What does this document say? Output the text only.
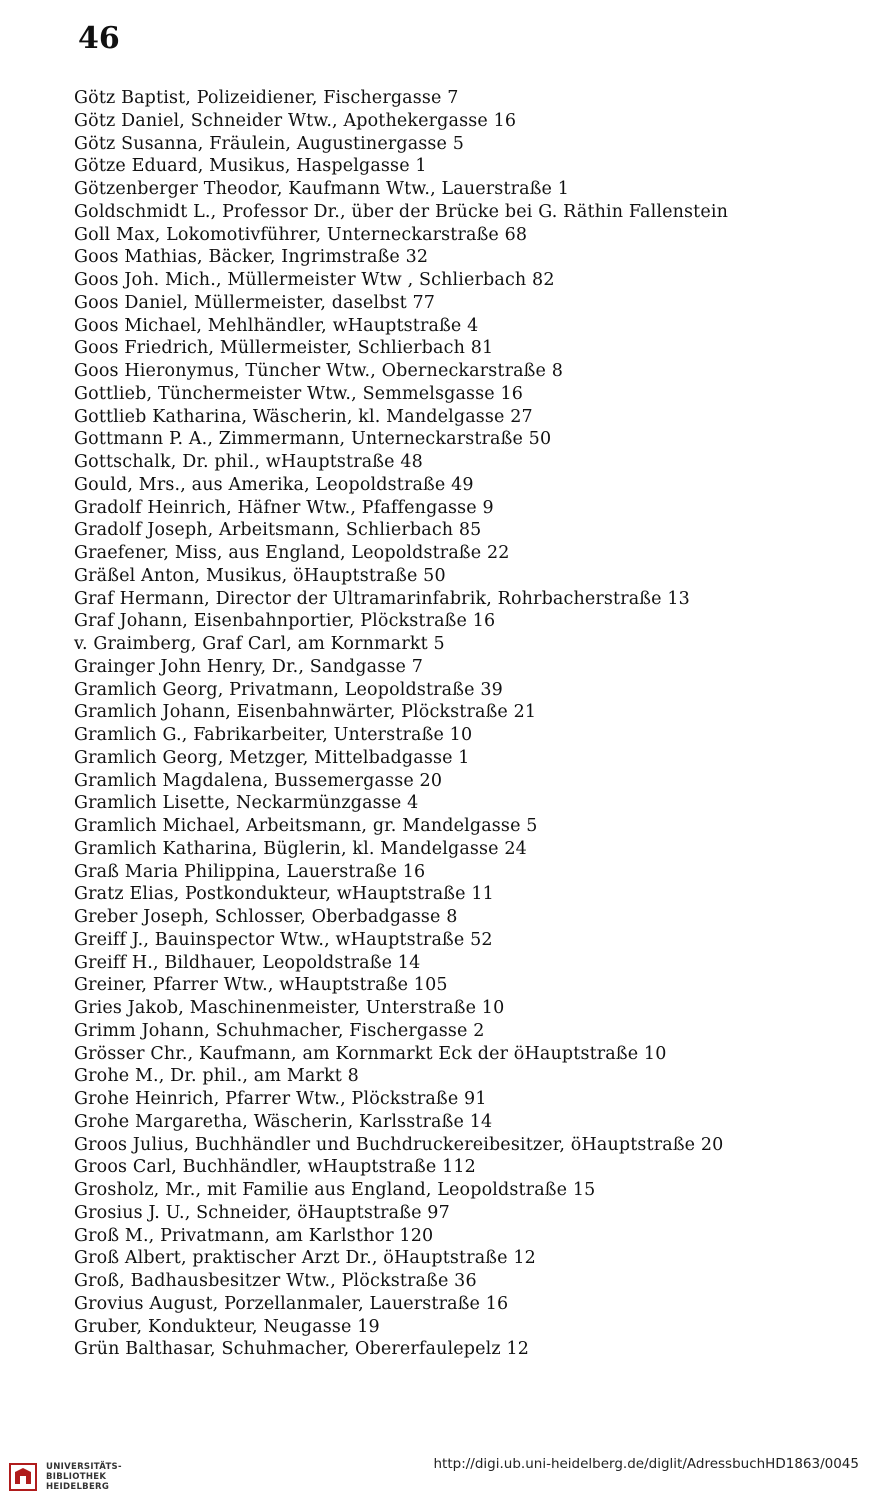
46
Götz Baptist, Polizeidiener, Fischergasse 7
Götz Daniel, Schneider Wtw., Apothekergasse 16
Götz Susanna, Fräulein, Augustinergasse 5
Götze Eduard, Musikus, Haspelgasse 1
Götzenberger Theodor, Kaufmann Wtw., Lauerstraße 1
Goldschmidt L., Professor Dr., über der Brücke bei G. Räthin Fallenstein
Goll Max, Lokomotivführer, Unterneckarstraße 68
Goos Mathias, Bäcker, Ingrimstraße 32
Goos Joh. Mich., Müllermeister Wtw , Schlierbach 82
Goos Daniel, Müllermeister, daselbst 77
Goos Michael, Mehlhändler, wHauptstraße 4
Goos Friedrich, Müllermeister, Schlierbach 81
Goos Hieronymus, Tüncher Wtw., Oberneckarstraße 8
Gottlieb, Tünchermeister Wtw., Semmelsgasse 16
Gottlieb Katharina, Wäscherin, kl. Mandelgasse 27
Gottmann P. A., Zimmermann, Unterneckarstraße 50
Gottschalk, Dr. phil., wHauptstraße 48
Gould, Mrs., aus Amerika, Leopoldstraße 49
Gradolf Heinrich, Häfner Wtw., Pfaffengasse 9
Gradolf Joseph, Arbeitsmann, Schlierbach 85
Graefener, Miss, aus England, Leopoldstraße 22
Gräßel Anton, Musikus, öHauptstraße 50
Graf Hermann, Director der Ultramarinfabrik, Rohrbacherstraße 13
Graf Johann, Eisenbahnportier, Plöckstraße 16
v. Graimberg, Graf Carl, am Kornmarkt 5
Grainger John Henry, Dr., Sandgasse 7
Gramlich Georg, Privatmann, Leopoldstraße 39
Gramlich Johann, Eisenbahnwärter, Plöckstraße 21
Gramlich G., Fabrikarbeiter, Unterstraße 10
Gramlich Georg, Metzger, Mittelbadgasse 1
Gramlich Magdalena, Bussemergasse 20
Gramlich Lisette, Neckarmünzgasse 4
Gramlich Michael, Arbeitsmann, gr. Mandelgasse 5
Gramlich Katharina, Büglerin, kl. Mandelgasse 24
Graß Maria Philippina, Lauerstraße 16
Gratz Elias, Postkondukteur, wHauptstraße 11
Greber Joseph, Schlosser, Oberbadgasse 8
Greiff J., Bauinspector Wtw., wHauptstraße 52
Greiff H., Bildhauer, Leopoldstraße 14
Greiner, Pfarrer Wtw., wHauptstraße 105
Gries Jakob, Maschinenmeister, Unterstraße 10
Grimm Johann, Schuhmacher, Fischergasse 2
Grösser Chr., Kaufmann, am Kornmarkt Eck der öHauptstraße 10
Grohe M., Dr. phil., am Markt 8
Grohe Heinrich, Pfarrer Wtw., Plöckstraße 91
Grohe Margaretha, Wäscherin, Karlsstraße 14
Groos Julius, Buchhändler und Buchdruckereibesitzer, öHauptstraße 20
Groos Carl, Buchhändler, wHauptstraße 112
Grosholz, Mr., mit Familie aus England, Leopoldstraße 15
Grosius J. U., Schneider, öHauptstraße 97
Groß M., Privatmann, am Karlsthor 120
Groß Albert, praktischer Arzt Dr., öHauptstraße 12
Groß, Badhausbesitzer Wtw., Plöckstraße 36
Grovius August, Porzellanmaler, Lauerstraße 16
Gruber, Kondukteur, Neugasse 19
Grün Balthasar, Schuhmacher, Obererfaulepelz 12
UNIVERSITÄTS-
BIBLIOTHEK
HEIDELBERG
http://digi.ub.uni-heidelberg.de/diglit/AdressbuchHD1863/0045
